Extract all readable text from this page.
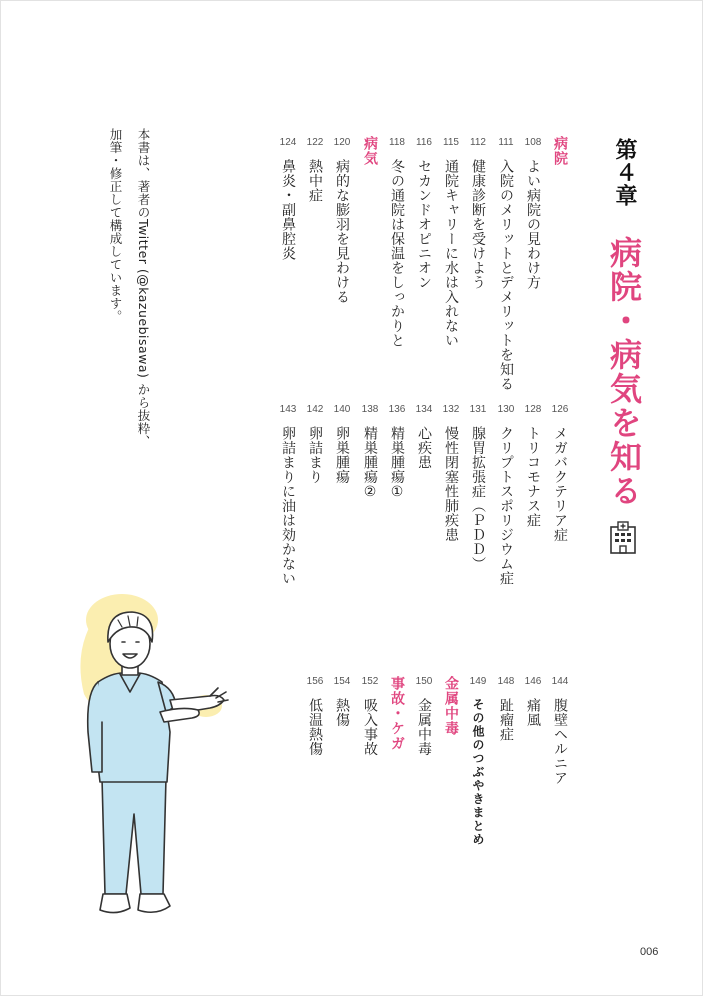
第４章
病院・病気を知る
病院
108
よい病院の見わけ方
111
入院のメリットとデメリットを知る
112
健康診断を受けよう
115
通院キャリーに水は入れない
116
セカンドオピニオン
118
冬の通院は保温をしっかりと
病気
120
病的な膨羽を見わける
122
熱中症
124
鼻炎・副鼻腔炎
126
メガバクテリア症
128
トリコモナス症
130
クリプトスポリジウム症
131
腺胃拡張症（ＰＤＤ）
132
慢性閉塞性肺疾患
134
心疾患
136
精巣腫瘍①
138
精巣腫瘍②
140
卵巣腫瘍
142
卵詰まり
143
卵詰まりに油は効かない
144
腹壁ヘルニア
146
痛風
148
趾瘤症
149
その他のつぶやきまとめ
金属中毒
150
金属中毒
事故・ケガ
152
吸入事故
154
熱傷
156
低温熱傷
本書は、著者のTwitter (@kazuebisawa) から抜粋、
加筆・修正して構成しています。
006
